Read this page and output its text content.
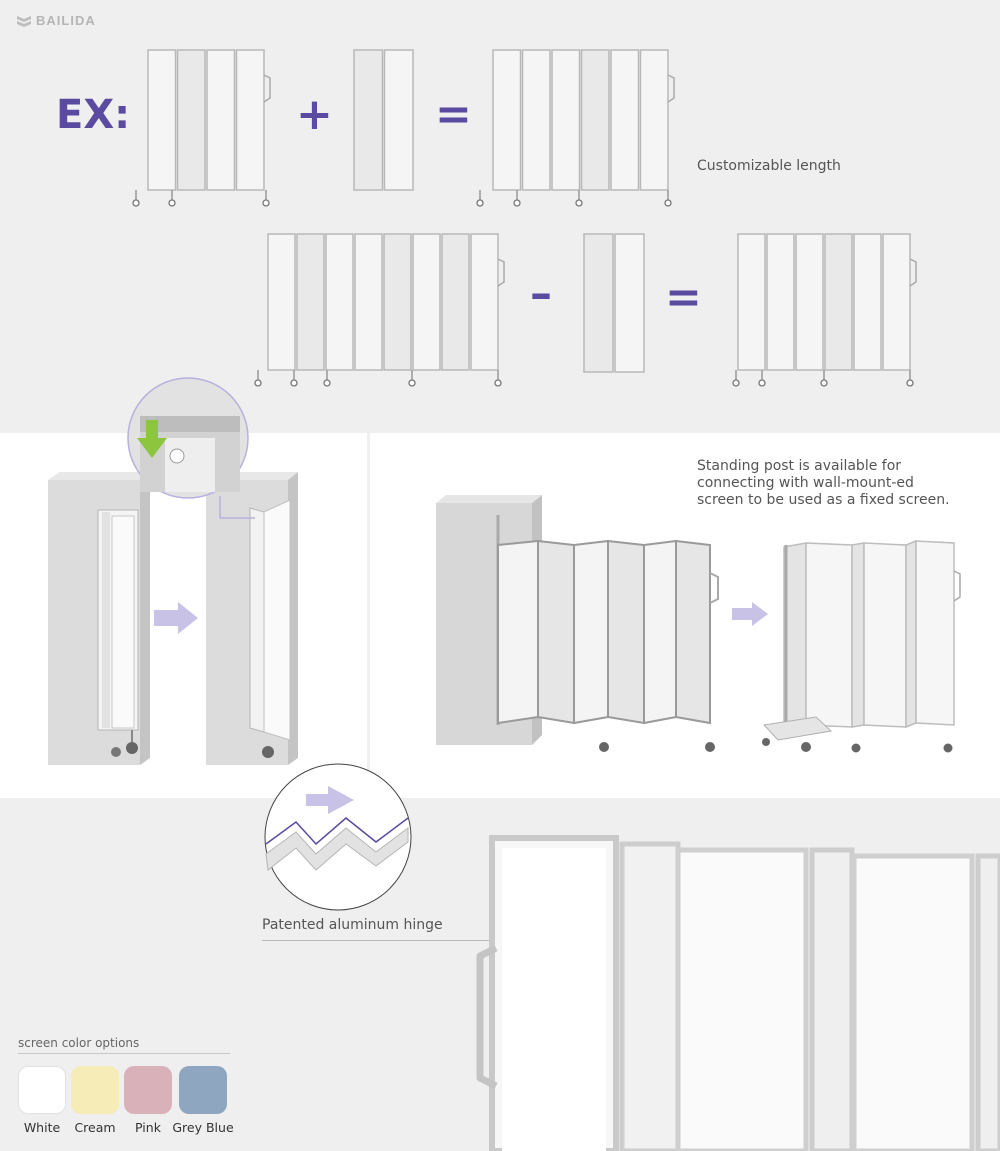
BAILIDA
EX:	+ =
Customizable length
–	=
Standing post is available for
connecting with wall-mount-ed
screen to be used as a fixed screen.
Patented aluminum hinge
screen color options
White	Cream	Pink Grey Blue
